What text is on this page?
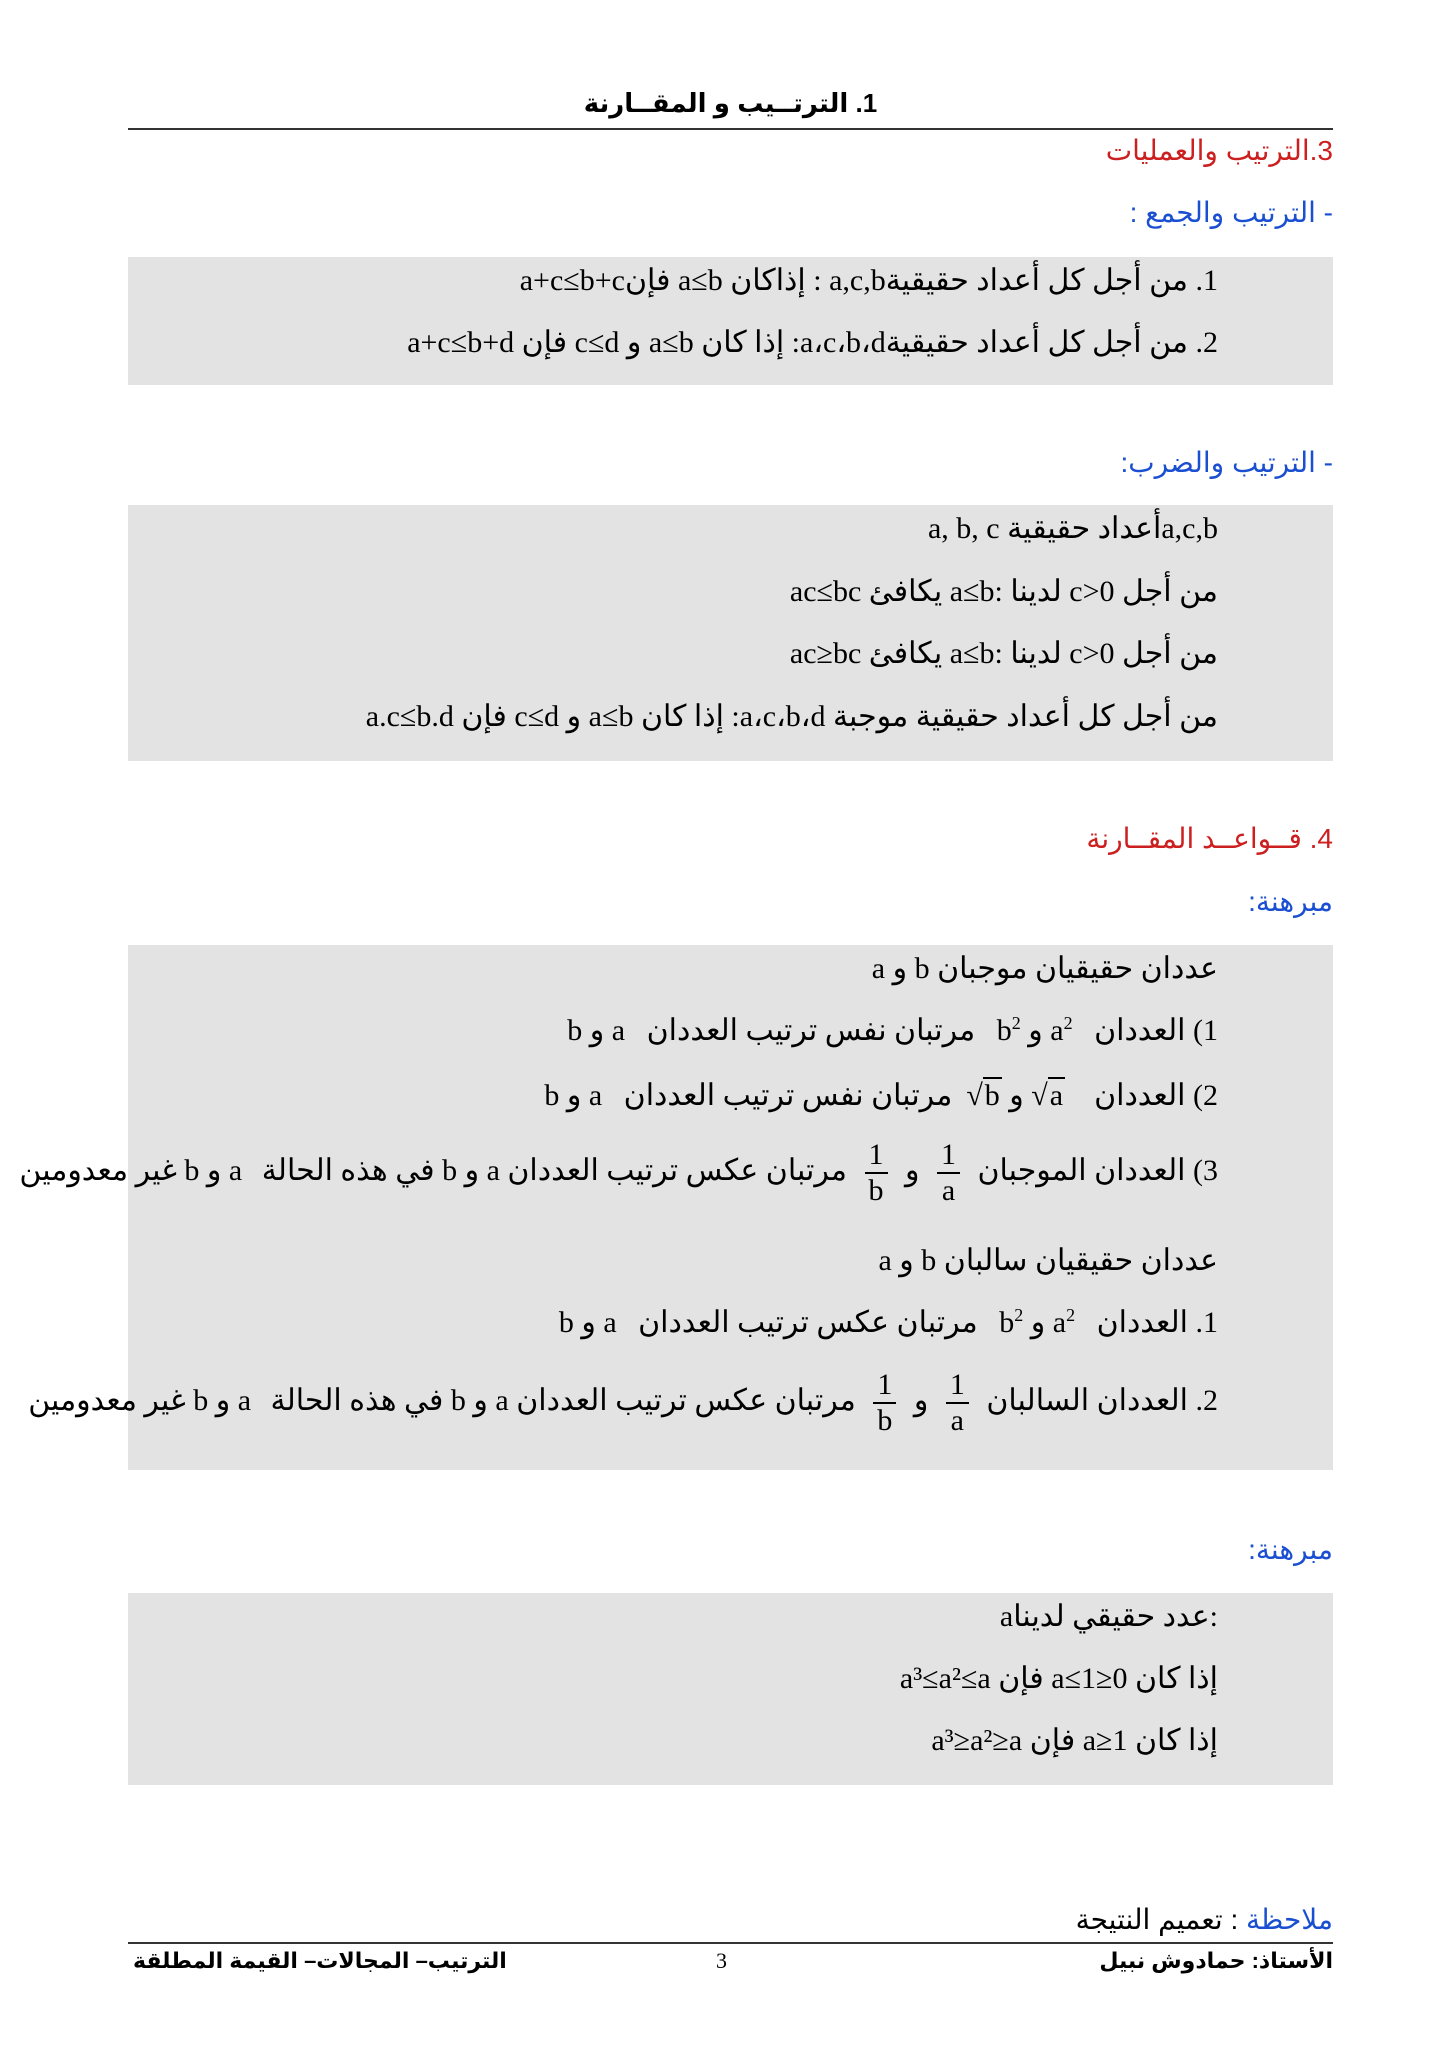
1. الترتــيب و المقــارنة
3.الترتيب والعمليات
- الترتيب والجمع :
1. من أجل كل أعداد حقيقيةa,c,b : إذاكان a≤b فإنa+c≤b+c
2. من أجل كل أعداد حقيقيةa،c،b،d: إذا كان a≤b و c≤d فإن a+c≤b+d
- الترتيب والضرب:
a, b, c أعداد حقيقيةa,c,b
من أجل c>0 لدينا :a≤b يكافئ ac≤bc
من أجل c>0 لدينا :a≤b يكافئ ac≥bc
من أجل كل أعداد حقيقية موجبة a،c،b،d: إذا كان a≤b و c≤d فإن a.c≤b.d
4. قــواعــد المقــارنة
مبرهنة:
a و b عددان حقيقيان موجبان
1) العددان $b^2$ و $a^2$ مرتبان نفس ترتيب العددان a و b
2) العددان √b و √a مرتبان نفس ترتيب العددان a و b
3) العددان الموجبان
$\frac{1}{a}$
و
$\frac{1}{b}$
مرتبان عكس ترتيب العددان a و b في هذه الحالة a و b غير معدومين
a و b عددان حقيقيان سالبان
1. العددان $b^2$ و $a^2$ مرتبان عكس ترتيب العددان a و b
2. العددان السالبان
$\frac{1}{a}$
و
$\frac{1}{b}$
مرتبان عكس ترتيب العددان a و b في هذه الحالة a و b غير معدومين
مبرهنة:
aعدد حقيقي لدينا:
إذا كان 0≤a≤1 فإن a³≤a²≤a
إذا كان a≥1 فإن a³≥a²≥a
ملاحظة : تعميم النتيجة
الأستاذ: حمادوش نبيل
3
الترتيب– المجالات– القيمة المطلقة
